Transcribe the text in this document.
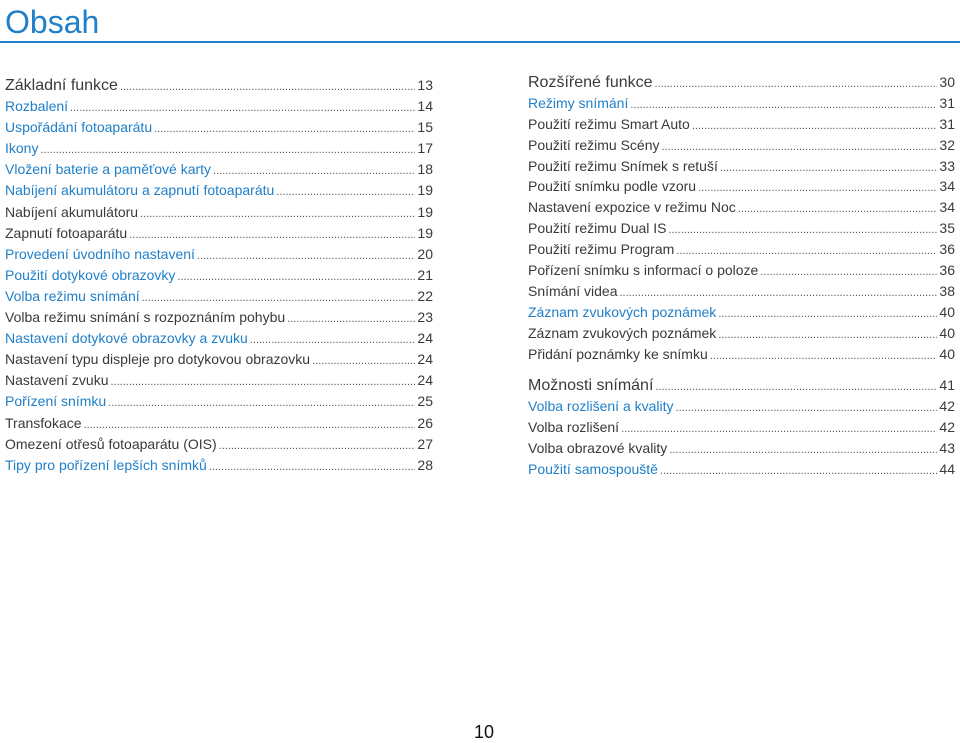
Obsah
Základní funkce .....	13
Rozbalení .....	14
Uspořádání fotoaparátu .....	15
Ikony .....	17
Vložení baterie a paměťové karty .....	18
Nabíjení akumulátoru a zapnutí fotoaparátu .....	19
Nabíjení akumulátoru .....	19
Zapnutí fotoaparátu .....	19
Provedení úvodního nastavení .....	20
Použití dotykové obrazovky .....	21
Volba režimu snímání .....	22
Volba režimu snímání s rozpoznáním pohybu .....	23
Nastavení dotykové obrazovky a zvuku .....	24
Nastavení typu displeje pro dotykovou obrazovku .....	24
Nastavení zvuku .....	24
Pořízení snímku .....	25
Transfokace .....	26
Omezení otřesů fotoaparátu (OIS) .....	27
Tipy pro pořízení lepších snímků .....	28
Rozšířené funkce .....	30
Režimy snímání .....	31
Použití režimu Smart Auto .....	31
Použití režimu Scény .....	32
Použití režimu Snímek s retuší .....	33
Použití snímku podle vzoru .....	34
Nastavení expozice v režimu Noc .....	34
Použití režimu Dual IS .....	35
Použití režimu Program .....	36
Pořízení snímku s informací o poloze .....	36
Snímání videa .....	38
Záznam zvukových poznámek .....	40
Záznam zvukových poznámek .....	40
Přidání poznámky ke snímku .....	40
Možnosti snímání .....	41
Volba rozlišení a kvality .....	42
Volba rozlišení .....	42
Volba obrazové kvality .....	43
Použití samospouště .....	44
10
